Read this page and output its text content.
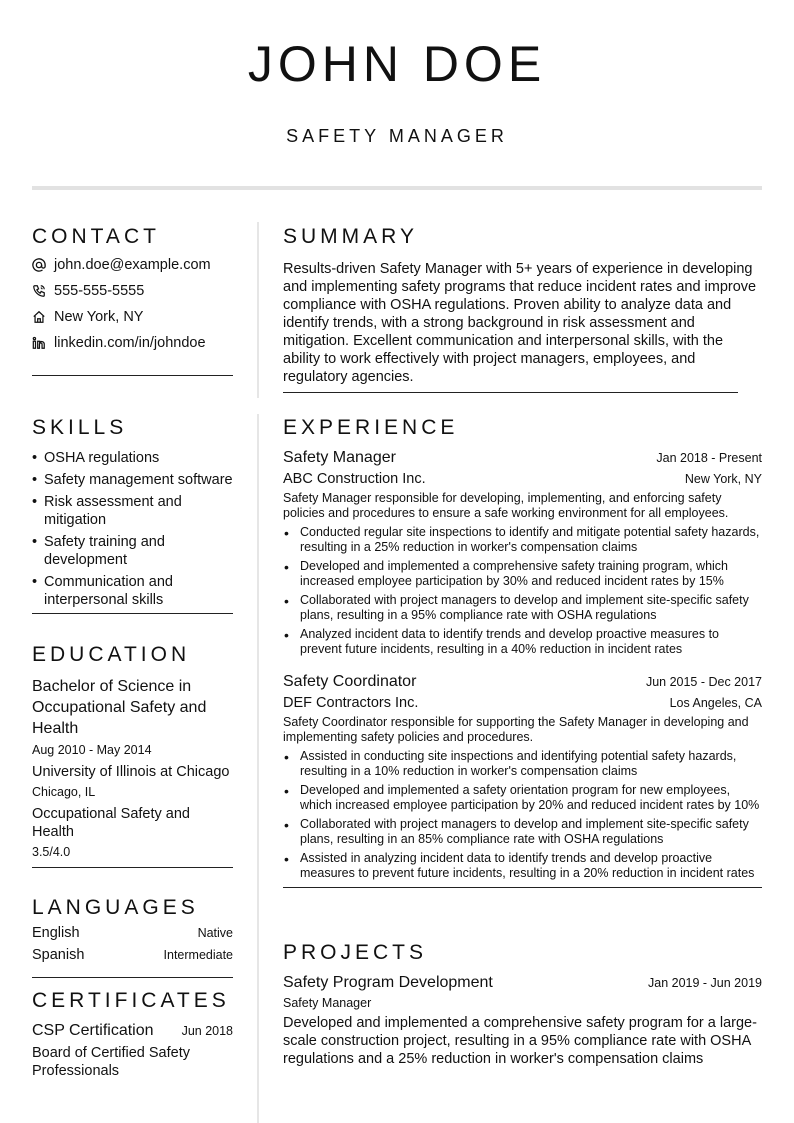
JOHN DOE
SAFETY MANAGER
CONTACT
john.doe@example.com
555-555-5555
New York, NY
linkedin.com/in/johndoe
SKILLS
• OSHA regulations
• Safety management software
• Risk assessment and mitigation
• Safety training and development
• Communication and interpersonal skills
EDUCATION
Bachelor of Science in Occupational Safety and Health
Aug 2010 - May 2014
University of Illinois at Chicago
Chicago, IL
Occupational Safety and Health
3.5/4.0
LANGUAGES
English	Native
Spanish	Intermediate
CERTIFICATES
CSP Certification Jun 2018
Board of Certified Safety Professionals
SUMMARY
Results-driven Safety Manager with 5+ years of experience in developing and implementing safety programs that reduce incident rates and improve compliance with OSHA regulations. Proven ability to analyze data and identify trends, with a strong background in risk assessment and mitigation. Excellent communication and interpersonal skills, with the ability to work effectively with project managers, employees, and regulatory agencies.
EXPERIENCE
Safety Manager	Jan 2018 - Present
ABC Construction Inc.	New York, NY
Safety Manager responsible for developing, implementing, and enforcing safety policies and procedures to ensure a safe working environment for all employees.
• Conducted regular site inspections to identify and mitigate potential safety hazards, resulting in a 25% reduction in worker's compensation claims
• Developed and implemented a comprehensive safety training program, which increased employee participation by 30% and reduced incident rates by 15%
• Collaborated with project managers to develop and implement site-specific safety plans, resulting in a 95% compliance rate with OSHA regulations
• Analyzed incident data to identify trends and develop proactive measures to prevent future incidents, resulting in a 40% reduction in incident rates
Safety Coordinator	Jun 2015 - Dec 2017
DEF Contractors Inc.	Los Angeles, CA
Safety Coordinator responsible for supporting the Safety Manager in developing and implementing safety policies and procedures.
• Assisted in conducting site inspections and identifying potential safety hazards, resulting in a 10% reduction in worker's compensation claims
• Developed and implemented a safety orientation program for new employees, which increased employee participation by 20% and reduced incident rates by 10%
• Collaborated with project managers to develop and implement site-specific safety plans, resulting in an 85% compliance rate with OSHA regulations
• Assisted in analyzing incident data to identify trends and develop proactive measures to prevent future incidents, resulting in a 20% reduction in incident rates
PROJECTS
Safety Program Development	Jan 2019 - Jun 2019
Safety Manager
Developed and implemented a comprehensive safety program for a large-scale construction project, resulting in a 95% compliance rate with OSHA regulations and a 25% reduction in worker's compensation claims
